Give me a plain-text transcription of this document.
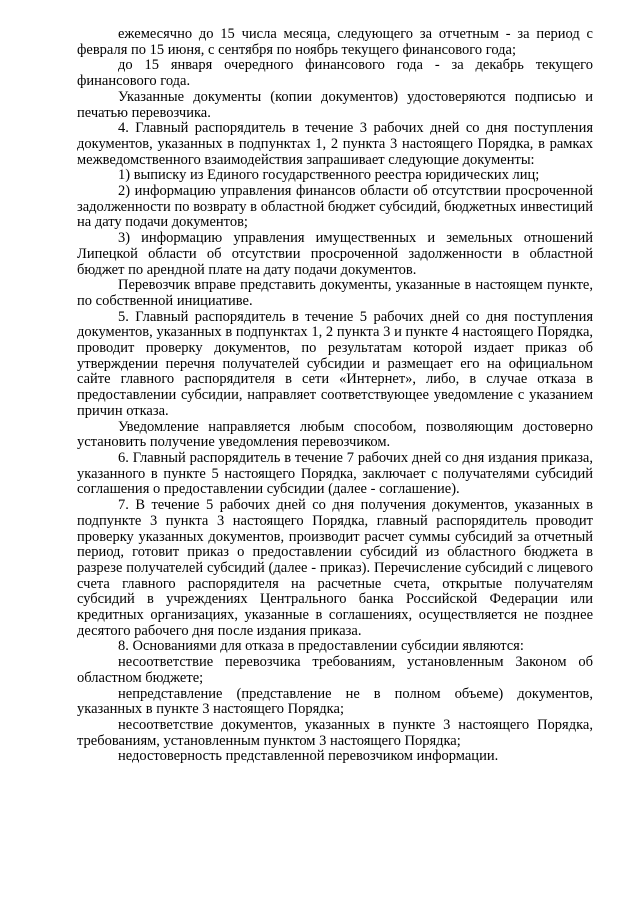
ежемесячно до 15 числа месяца, следующего за отчетным - за период с февраля по 15 июня, с сентября по ноябрь текущего финансового года;

до 15 января очередного финансового года - за декабрь текущего финансового года.

Указанные документы (копии документов) удостоверяются подписью и печатью перевозчика.

4. Главный распорядитель в течение 3 рабочих дней со дня поступления документов, указанных в подпунктах 1, 2 пункта 3 настоящего Порядка, в рамках межведомственного взаимодействия запрашивает следующие документы:

1) выписку из Единого государственного реестра юридических лиц;

2) информацию управления финансов области об отсутствии просроченной задолженности по возврату в областной бюджет субсидий, бюджетных инвестиций на дату подачи документов;

3) информацию управления имущественных и земельных отношений Липецкой области об отсутствии просроченной задолженности в областной бюджет по арендной плате на дату подачи документов.

Перевозчик вправе представить документы, указанные в настоящем пункте, по собственной инициативе.

5. Главный распорядитель в течение 5 рабочих дней со дня поступления документов, указанных в подпунктах 1, 2 пункта 3 и пункте 4 настоящего Порядка, проводит проверку документов, по результатам которой издает приказ об утверждении перечня получателей субсидии и размещает его на официальном сайте главного распорядителя в сети «Интернет», либо, в случае отказа в предоставлении субсидии, направляет соответствующее уведомление с указанием причин отказа.

Уведомление направляется любым способом, позволяющим достоверно установить получение уведомления перевозчиком.

6. Главный распорядитель в течение 7 рабочих дней со дня издания приказа, указанного в пункте 5 настоящего Порядка, заключает с получателями субсидий соглашения о предоставлении субсидии (далее - соглашение).

7. В течение 5 рабочих дней со дня получения документов, указанных в подпункте 3 пункта 3 настоящего Порядка, главный распорядитель проводит проверку указанных документов, производит расчет суммы субсидий за отчетный период, готовит приказ о предоставлении субсидий из областного бюджета в разрезе получателей субсидий (далее - приказ). Перечисление субсидий с лицевого счета главного распорядителя на расчетные счета, открытые получателям субсидий в учреждениях Центрального банка Российской Федерации или кредитных организациях, указанные в соглашениях, осуществляется не позднее десятого рабочего дня после издания приказа.

8. Основаниями для отказа в предоставлении субсидии являются:

несоответствие перевозчика требованиям, установленным Законом об областном бюджете;

непредставление (представление не в полном объеме) документов, указанных в пункте 3 настоящего Порядка;

несоответствие документов, указанных в пункте 3 настоящего Порядка, требованиям, установленным пунктом 3 настоящего Порядка;

недостоверность представленной перевозчиком информации.
